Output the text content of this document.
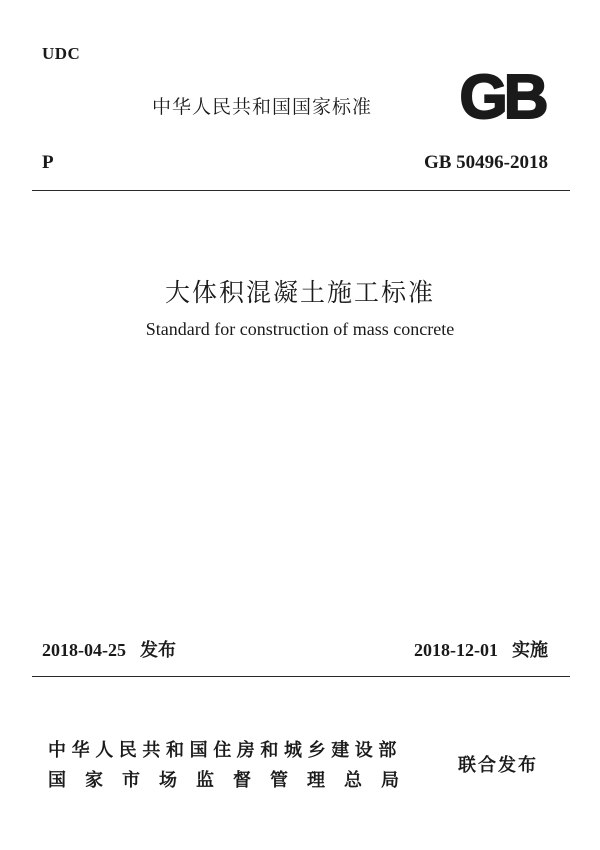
UDC
中华人民共和国国家标准 GB
P	GB 50496-2018
大体积混凝土施工标准
Standard for construction of mass concrete
2018-04-25 发布	2018-12-01 实施
中华人民共和国住房和城乡建设部
国家市场监督管理总局
联合发布
